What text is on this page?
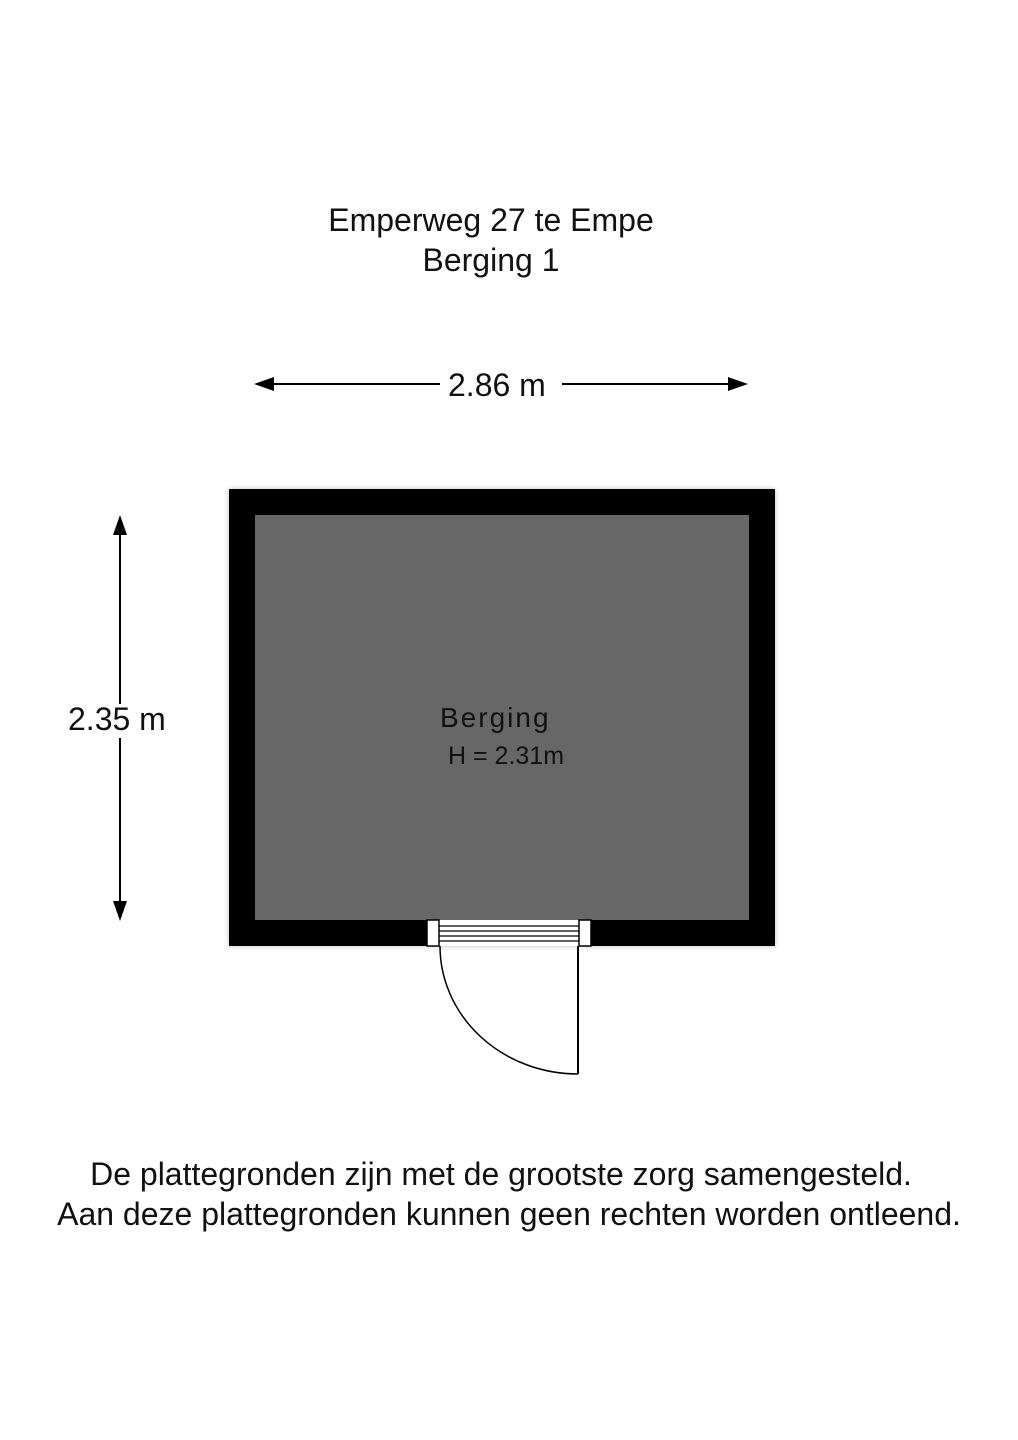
Emperweg 27 te Empe
Berging 1
2.86 m
2.35 m	Berging
H = 2.31m
De plattegronden zijn met de grootste zorg samengesteld.
Aan deze plattegronden kunnen geen rechten worden ontleend.
